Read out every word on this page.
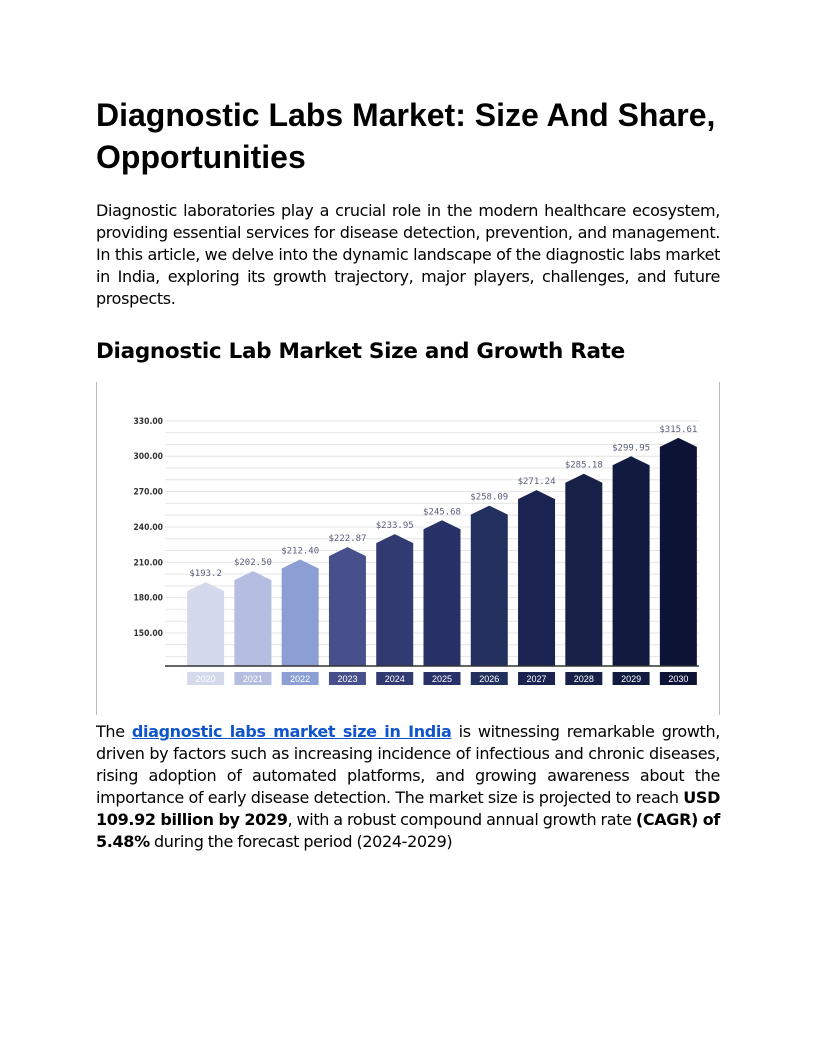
Diagnostic Labs Market: Size And Share, Opportunities

Diagnostic laboratories play a crucial role in the modern healthcare ecosystem, providing essential services for disease detection, prevention, and management. In this article, we delve into the dynamic landscape of the diagnostic labs market in India, exploring its growth trajectory, major players, challenges, and future prospects.

Diagnostic Lab Market Size and Growth Rate
150.00
180.00
210.00
240.00
270.00
300.00
330.00
$193.2
2020
$202.50
2021
$212.40
2022
$222.87
2023
$233.95
2024
$245.68
2025
$258.09
2026
$271.24
2027
$285.18
2028
$299.95
2029
$315.61
2030

The diagnostic labs market size in India is witnessing remarkable growth, driven by factors such as increasing incidence of infectious and chronic diseases, rising adoption of automated platforms, and growing awareness about the importance of early disease detection. The market size is projected to reach USD 109.92 billion by 2029, with a robust compound annual growth rate (CAGR) of 5.48% during the forecast period (2024-2029)
